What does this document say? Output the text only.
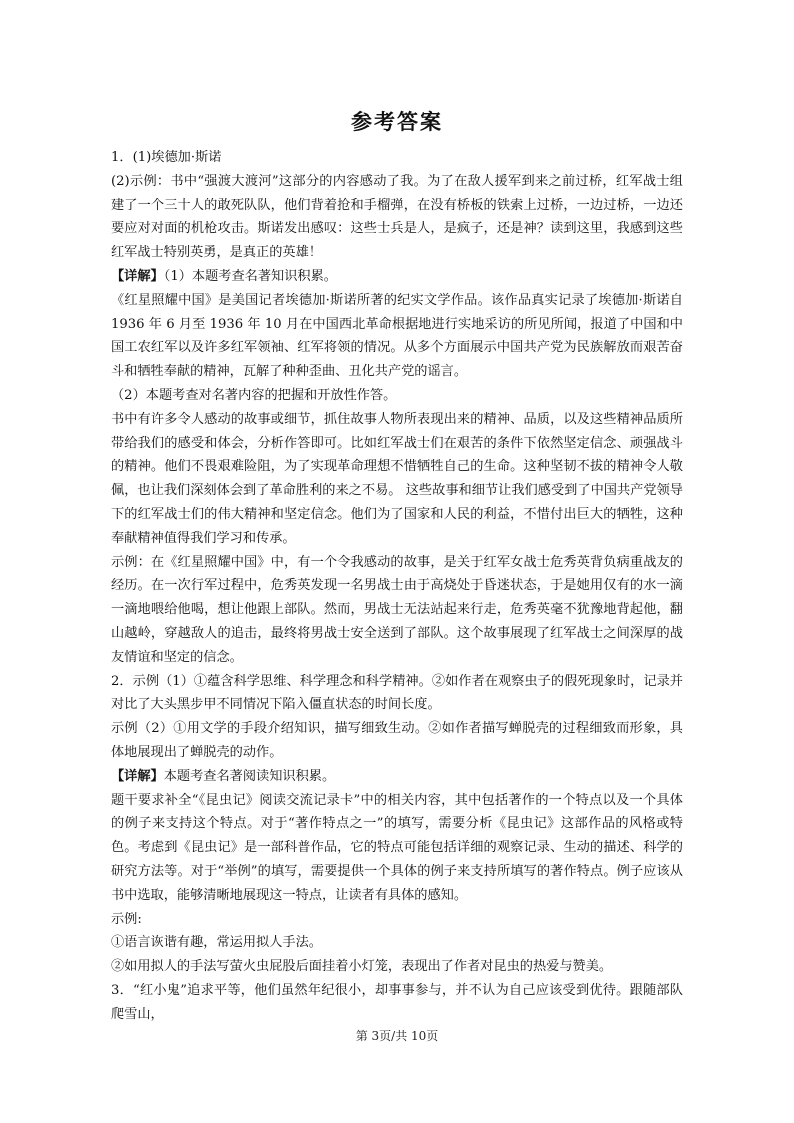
参考答案

1．(1)埃德加·斯诺

(2)示例：书中“强渡大渡河”这部分的内容感动了我。为了在敌人援军到来之前过桥，红军战士组建了一个三十人的敢死队队，他们背着抢和手榴弹，在没有桥板的铁索上过桥，一边过桥，一边还要应对对面的机枪攻击。斯诺发出感叹：这些士兵是人，是疯子，还是神？读到这里，我感到这些红军战士特别英勇，是真正的英雄！

【详解】（1）本题考查名著知识积累。

《红星照耀中国》是美国记者埃德加·斯诺所著的纪实文学作品。该作品真实记录了埃德加·斯诺自 1936 年 6 月至 1936 年 10 月在中国西北革命根据地进行实地采访的所见所闻，报道了中国和中国工农红军以及许多红军领袖、红军将领的情况。从多个方面展示中国共产党为民族解放而艰苦奋斗和牺牲奉献的精神，瓦解了种种歪曲、丑化共产党的谣言。

（2）本题考查对名著内容的把握和开放性作答。

书中有许多令人感动的故事或细节，抓住故事人物所表现出来的精神、品质，以及这些精神品质所带给我们的感受和体会，分析作答即可。比如红军战士们在艰苦的条件下依然坚定信念、顽强战斗的精神。他们不畏艰难险阻，为了实现革命理想不惜牺牲自己的生命。这种坚韧不拔的精神令人敬佩，也让我们深刻体会到了革命胜利的来之不易。 这些故事和细节让我们感受到了中国共产党领导下的红军战士们的伟大精神和坚定信念。他们为了国家和人民的利益，不惜付出巨大的牺牲，这种奉献精神值得我们学习和传承。

示例：在《红星照耀中国》中，有一个令我感动的故事，是关于红军女战士危秀英背负病重战友的经历。在一次行军过程中，危秀英发现一名男战士由于高烧处于昏迷状态，于是她用仅有的水一滴一滴地喂给他喝，想让他跟上部队。然而，男战士无法站起来行走，危秀英毫不犹豫地背起他，翻山越岭，穿越敌人的追击，最终将男战士安全送到了部队。这个故事展现了红军战士之间深厚的战友情谊和坚定的信念。

2．示例（1）①蕴含科学思维、科学理念和科学精神。②如作者在观察虫子的假死现象时，记录并对比了大头黑步甲不同情况下陷入僵直状态的时间长度。

示例（2）①用文学的手段介绍知识，描写细致生动。②如作者描写蝉脱壳的过程细致而形象，具体地展现出了蝉脱壳的动作。

【详解】本题考查名著阅读知识积累。

题干要求补全“《昆虫记》阅读交流记录卡”中的相关内容，其中包括著作的一个特点以及一个具体的例子来支持这个特点。对于“著作特点之一”的填写，需要分析《昆虫记》这部作品的风格或特色。考虑到《昆虫记》是一部科普作品，它的特点可能包括详细的观察记录、生动的描述、科学的研究方法等。对于“举例”的填写，需要提供一个具体的例子来支持所填写的著作特点。例子应该从书中选取，能够清晰地展现这一特点，让读者有具体的感知。

示例:

①语言诙谐有趣，常运用拟人手法。

②如用拟人的手法写萤火虫屁股后面挂着小灯笼，表现出了作者对昆虫的热爱与赞美。

3．“红小鬼”追求平等，他们虽然年纪很小，却事事参与，并不认为自己应该受到优待。跟随部队爬雪山，

第 3页/共 10页
